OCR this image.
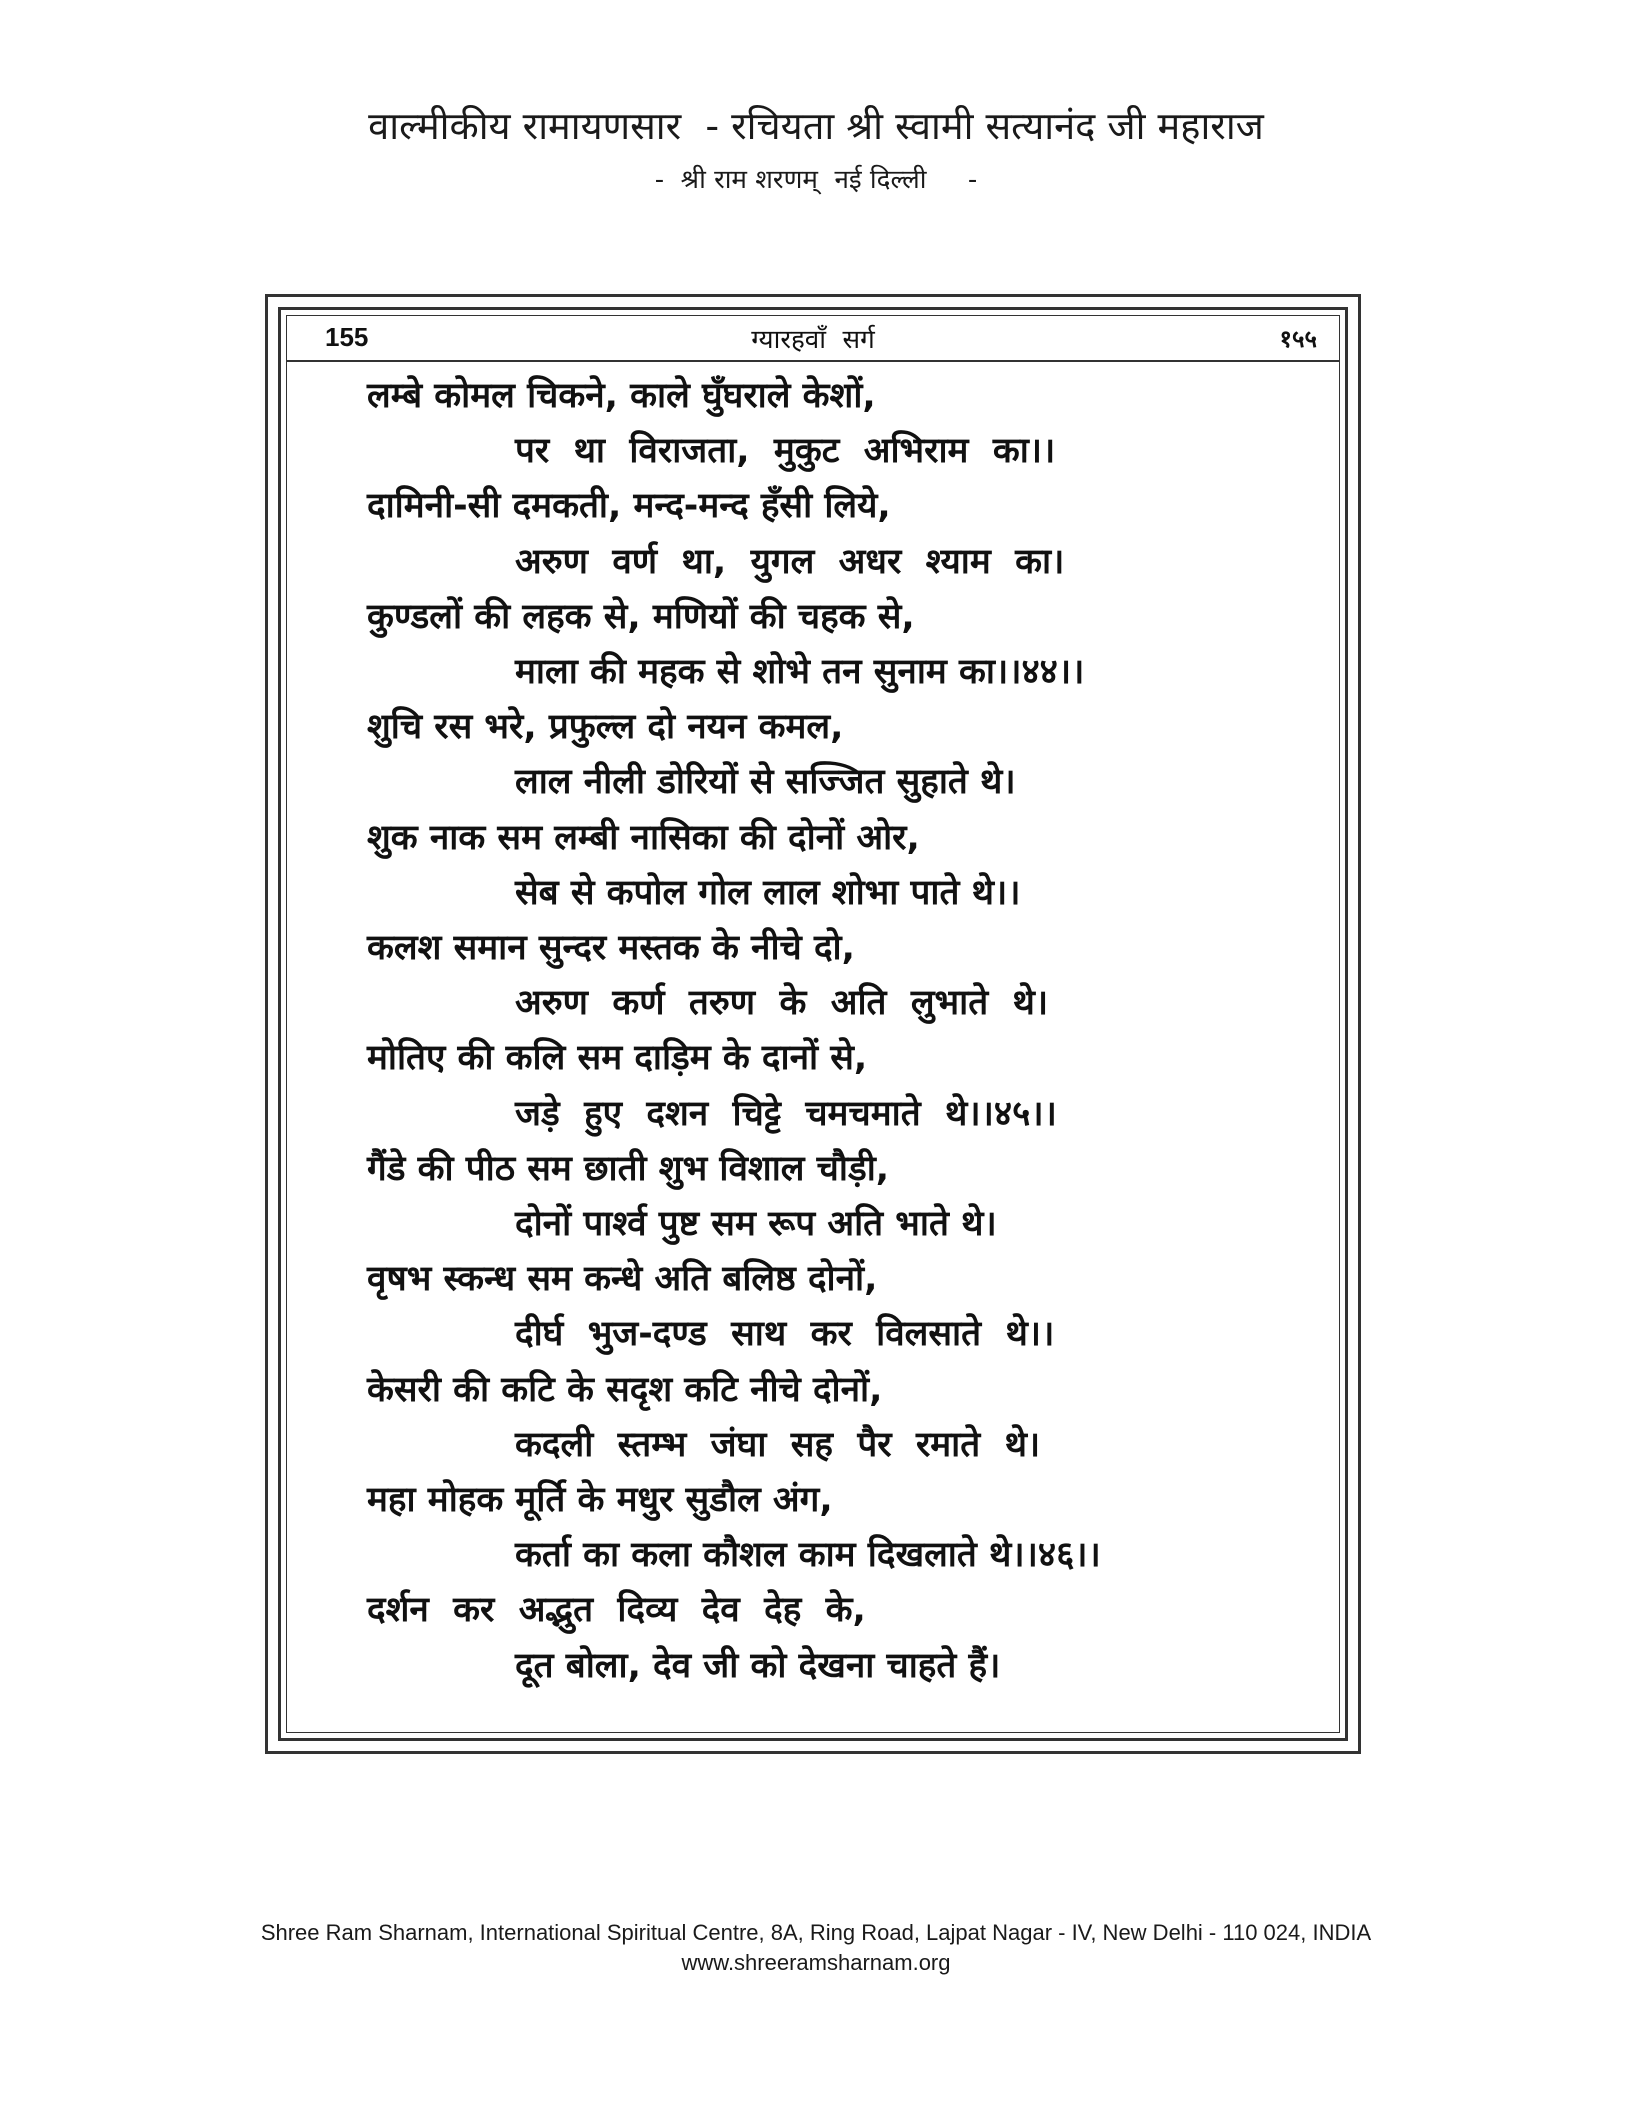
वाल्मीकीय रामायणसार  - रचियता श्री स्वामी सत्यानंद जी महाराज
-  श्री राम शरणम्  नई दिल्ली     -
155	ग्यारहवाँ  सर्ग	१५५
लम्बे कोमल चिकने, काले घुँघराले केशों,
पर  था  विराजता,  मुकुट  अभिराम  का।।
दामिनी-सी दमकती, मन्द-मन्द हँसी लिये,
अरुण  वर्ण  था,  युगल  अधर  श्याम  का।
कुण्डलों की लहक से, मणियों की चहक से,
माला की महक से शोभे तन सुनाम का।।४४।।
शुचि रस भरे, प्रफुल्ल दो नयन कमल,
लाल नीली डोरियों से सज्जित सुहाते थे।
शुक नाक सम लम्बी नासिका की दोनों ओर,
सेब से कपोल गोल लाल शोभा पाते थे।।
कलश समान सुन्दर मस्तक के नीचे दो,
अरुण  कर्ण  तरुण  के  अति  लुभाते  थे।
मोतिए की कलि सम दाड़िम के दानों से,
जड़े  हुए  दशन  चिट्टे  चमचमाते  थे।।४५।।
गैंडे की पीठ सम छाती शुभ विशाल चौड़ी,
दोनों पार्श्व पुष्ट सम रूप अति भाते थे।
वृषभ स्कन्ध सम कन्धे अति बलिष्ठ दोनों,
दीर्घ  भुज-दण्ड  साथ  कर  विलसाते  थे।।
केसरी की कटि के सदृश कटि नीचे दोनों,
कदली  स्तम्भ  जंघा  सह  पैर  रमाते  थे।
महा मोहक मूर्ति के मधुर सुडौल अंग,
कर्ता का कला कौशल काम दिखलाते थे।।४६।।
दर्शन  कर  अद्भुत  दिव्य  देव  देह  के,
दूत बोला, देव जी को देखना चाहते हैं।
Shree Ram Sharnam, International Spiritual Centre, 8A, Ring Road, Lajpat Nagar - IV, New Delhi - 110 024, INDIA
www.shreeramsharnam.org
